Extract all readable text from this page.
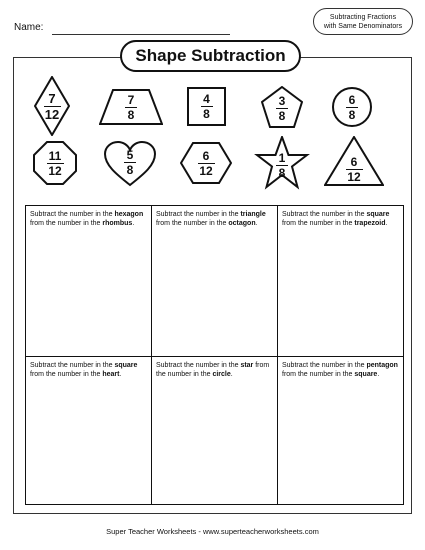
Name:
Subtracting Fractions
with Same Denominators
Shape Subtraction
7
12
7
8
4
8
3
8
6
8
11
12
5
8
6
12
1
8
6
12
Subtract the number in the hexagon from the number in the rhombus.
Subtract the number in the triangle from the number in the octagon.
Subtract the number in the square from the number in the trapezoid.
Subtract the number in the square from the number in the heart.
Subtract the number in the star from the number in the circle.
Subtract the number in the pentagon from the number in the square.
Super Teacher Worksheets - www.superteacherworksheets.com
